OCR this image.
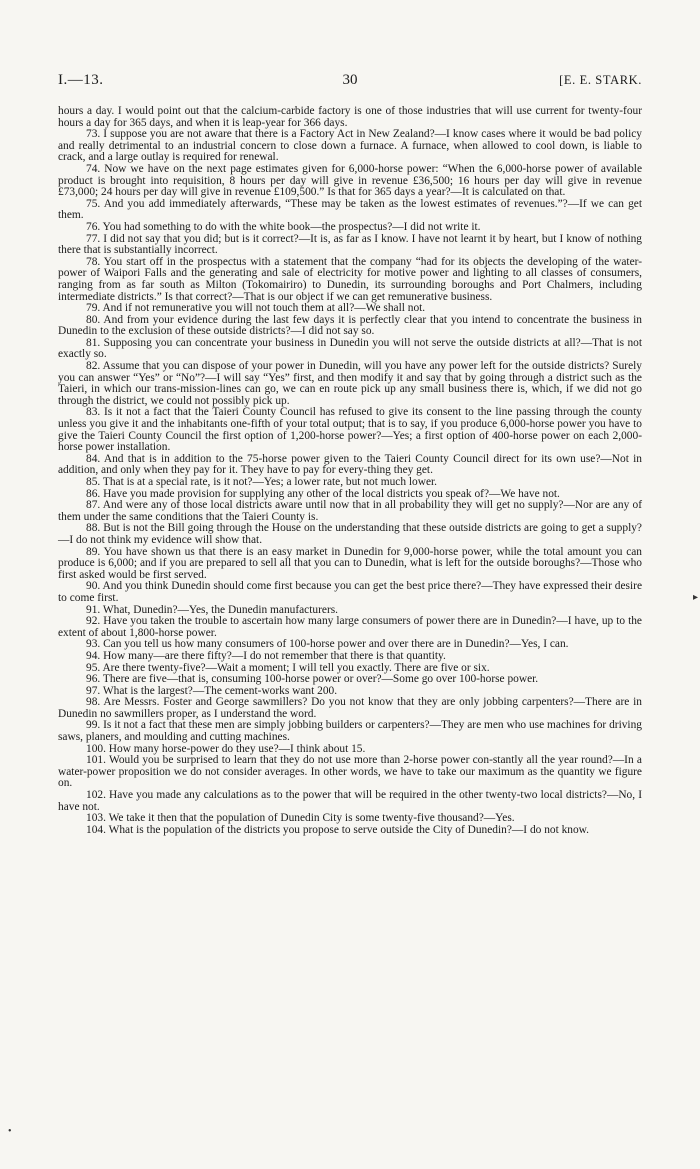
I.—13.	30	[E. E. STARK.

hours a day. I would point out that the calcium-carbide factory is one of those industries that will use current for twenty-four hours a day for 365 days, and when it is leap-year for 366 days.

73. I suppose you are not aware that there is a Factory Act in New Zealand?—I know cases where it would be bad policy and really detrimental to an industrial concern to close down a furnace. A furnace, when allowed to cool down, is liable to crack, and a large outlay is required for renewal.

74. Now we have on the next page estimates given for 6,000-horse power: “When the 6,000-horse power of available product is brought into requisition, 8 hours per day will give in revenue £36,500; 16 hours per day will give in revenue £73,000; 24 hours per day will give in revenue £109,500.” Is that for 365 days a year?—It is calculated on that.

75. And you add immediately afterwards, “These may be taken as the lowest estimates of revenues.”?—If we can get them.

76. You had something to do with the white book—the prospectus?—I did not write it.

77. I did not say that you did; but is it correct?—It is, as far as I know. I have not learnt it by heart, but I know of nothing there that is substantially incorrect.

78. You start off in the prospectus with a statement that the company “had for its objects the developing of the water-power of Waipori Falls and the generating and sale of electricity for motive power and lighting to all classes of consumers, ranging from as far south as Milton (Tokomairiro) to Dunedin, its surrounding boroughs and Port Chalmers, including intermediate districts.” Is that correct?—That is our object if we can get remunerative business.

79. And if not remunerative you will not touch them at all?—We shall not.

80. And from your evidence during the last few days it is perfectly clear that you intend to concentrate the business in Dunedin to the exclusion of these outside districts?—I did not say so.

81. Supposing you can concentrate your business in Dunedin you will not serve the outside districts at all?—That is not exactly so.

82. Assume that you can dispose of your power in Dunedin, will you have any power left for the outside districts? Surely you can answer “Yes” or “No”?—I will say “Yes” first, and then modify it and say that by going through a district such as the Taieri, in which our trans-mission-lines can go, we can en route pick up any small business there is, which, if we did not go through the district, we could not possibly pick up.

83. Is it not a fact that the Taieri County Council has refused to give its consent to the line passing through the county unless you give it and the inhabitants one-fifth of your total output; that is to say, if you produce 6,000-horse power you have to give the Taieri County Council the first option of 1,200-horse power?—Yes; a first option of 400-horse power on each 2,000-horse power installation.

84. And that is in addition to the 75-horse power given to the Taieri County Council direct for its own use?—Not in addition, and only when they pay for it. They have to pay for every-thing they get.

85. That is at a special rate, is it not?—Yes; a lower rate, but not much lower.

86. Have you made provision for supplying any other of the local districts you speak of?—We have not.

87. And were any of those local districts aware until now that in all probability they will get no supply?—Nor are any of them under the same conditions that the Taieri County is.

88. But is not the Bill going through the House on the understanding that these outside districts are going to get a supply?—I do not think my evidence will show that.

89. You have shown us that there is an easy market in Dunedin for 9,000-horse power, while the total amount you can produce is 6,000; and if you are prepared to sell all that you can to Dunedin, what is left for the outside boroughs?—Those who first asked would be first served.

90. And you think Dunedin should come first because you can get the best price there?—They have expressed their desire to come first.

91. What, Dunedin?—Yes, the Dunedin manufacturers.

92. Have you taken the trouble to ascertain how many large consumers of power there are in Dunedin?—I have, up to the extent of about 1,800-horse power.

93. Can you tell us how many consumers of 100-horse power and over there are in Dunedin?—Yes, I can.

94. How many—are there fifty?—I do not remember that there is that quantity.

95. Are there twenty-five?—Wait a moment; I will tell you exactly. There are five or six.

96. There are five—that is, consuming 100-horse power or over?—Some go over 100-horse power.

97. What is the largest?—The cement-works want 200.

98. Are Messrs. Foster and George sawmillers? Do you not know that they are only jobbing carpenters?—There are in Dunedin no sawmillers proper, as I understand the word.

99. Is it not a fact that these men are simply jobbing builders or carpenters?—They are men who use machines for driving saws, planers, and moulding and cutting machines.

100. How many horse-power do they use?—I think about 15.

101. Would you be surprised to learn that they do not use more than 2-horse power con-stantly all the year round?—In a water-power proposition we do not consider averages. In other words, we have to take our maximum as the quantity we figure on.

102. Have you made any calculations as to the power that will be required in the other twenty-two local districts?—No, I have not.

103. We take it then that the population of Dunedin City is some twenty-five thousand?—Yes.

104. What is the population of the districts you propose to serve outside the City of Dunedin?—I do not know.

▸
•
